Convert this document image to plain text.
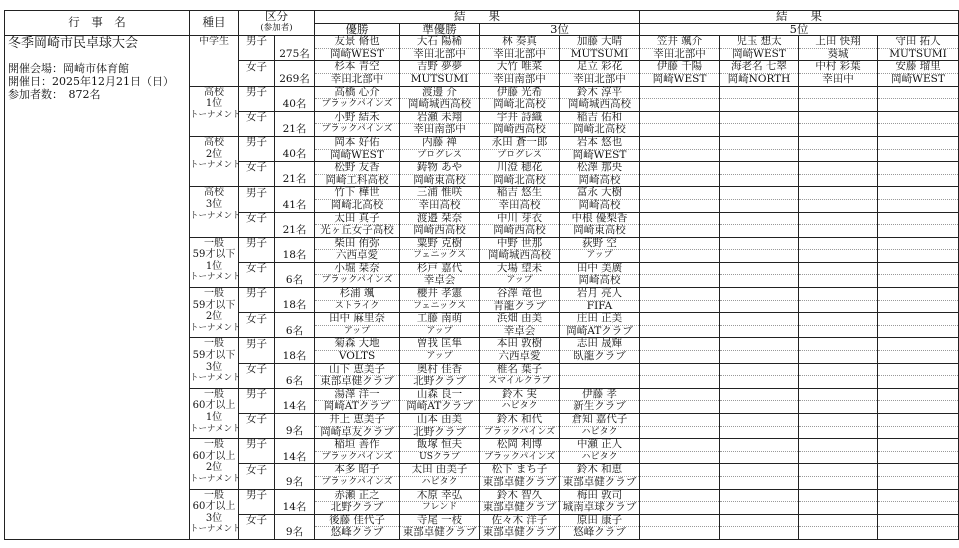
行　事　名	種目	区分		結　　果				結　　果			
		(参加者)		優勝	準優勝	3位		5位			

冬季岡崎市民卓球大会
開催会場：岡崎市体育館
開催日：2025年12月21日（日）
参加者数：　872名	中学生	男子		友景 脩也	大石 陽稀	林 奏真	加藤 大晴	笠井 颯介	児玉 想太	上田 快翔	守田 拓人
			275名	岡崎WEST	幸田北部中	幸田北部中	MUTSUMI	幸田北部中	岡崎WEST	葵城	MUTSUMI
		女子		杉本 青空	吉野 夢夢	大竹 唯菜	足立 彩花	伊藤 千陽	海老名 七翠	中村 彩葉	安藤 瑠里
			269名	幸田北部中	MUTSUMI	幸田南部中	幸田北部中	岡崎WEST	岡崎NORTH	幸田中	岡崎WEST

	高校
1位
トーナメント	男子		高橋 心介	渡邊 介	伊藤 光希	鈴木 淳平				
			40名	ブラックパインズ	岡崎城西高校	岡崎北高校	岡崎城西高校				
		女子		小野 結禾	岩瀬 未翔	宇井 詩織	稲吉 佑和				
			21名	ブラックパインズ	幸田南部中	岡崎西高校	岡崎北高校				

	高校
2位
トーナメント	男子		岡本 好佑	内藤 禅	永田 蒼一郎	岩本 悠也				
			40名	岡崎WEST	プログレス	プログレス	岡崎WEST				
		女子		松野 友香	鋳物 あや	川澄 穂花	松澤 那央				
			21名	岡崎工科高校	岡崎東高校	岡崎北高校	岡崎高校				

	高校
3位
トーナメント	男子		竹下 樺世	三浦 惟咲	稲吉 悠生	富永 大樹				
			41名	岡崎北高校	幸田高校	幸田高校	岡崎高校				
		女子		太田 真子	渡邉 栞奈	中川 芽衣	中根 優梨香				
			21名	光ヶ丘女子高校	岡崎西高校	岡崎西高校	岡崎東高校				

	一般
59才以下
1位
トーナメント	男子		柴田 侑弥	粟野 克樹	中野 世那	荻野 空				
			18名	六西卓愛	フェニックス	岡崎城西高校	アップ				
		女子		小堀 栞奈	杉戸 嘉代	大場 望未	田中 美廣				
			6名	ブラックパインズ	幸卓会	アップ	岡崎高校				

	一般
59才以下
2位
トーナメント	男子		杉浦 颯	櫻井 孝憲	谷澤 竜也	岩月 亮人				
			18名	ストライク	フェニックス	青龍クラブ	FIFA				
		女子		田中 麻里奈	工藤 南萌	浜畑 由美	庄田 正美				
			6名	アップ	アップ	幸卓会	岡崎ATクラブ				

	一般
59才以下
3位
トーナメント	男子		菊森 大地	曽我 匡隼	本田 敦樹	志田 晟輝				
			18名	VOLTS	アップ	六西卓愛	臥龍クラブ				
		女子		山下 恵美子	奥村 佳香	椎名 葉子					
			6名	東部卓健クラブ	北野クラブ	スマイルクラブ					

	一般
60才以上
1位
トーナメント	男子		湯澤 洋一	山森 良一	鈴木 実	伊藤 孝				
			14名	岡崎ATクラブ	岡崎ATクラブ	ハピタク	新生クラブ				
		女子		井上 恵美子	山本 由美	鈴木 和代	倉知 嘉代子				
			9名	岡崎卓友クラブ	北野クラブ	ブラックパインズ	ハピタク				

	一般
60才以上
2位
トーナメント	男子		稲垣 善作	飯塚 恒夫	松岡 利博	中瀬 正人				
			14名	ブラックパインズ	USクラブ	ブラックパインズ	ハピタク				
		女子		本多 昭子	太田 由美子	松下 まち子	鈴木 和恵				
			9名	ブラックパインズ	ハピタク	東部卓健クラブ	東部卓健クラブ				

	一般
60才以上
3位
トーナメント	男子		赤瀬 正之	木原 幸弘	鈴木 智久	梅田 敦司				
			14名	北野クラブ	フレンド	東部卓健クラブ	城南卓球クラブ				
		女子		後藤 佳代子	寺尾 一枝	佐々木 洋子	原田 康子				
			9名	悠峰クラブ	東部卓健クラブ	東部卓健クラブ	悠峰クラブ				
